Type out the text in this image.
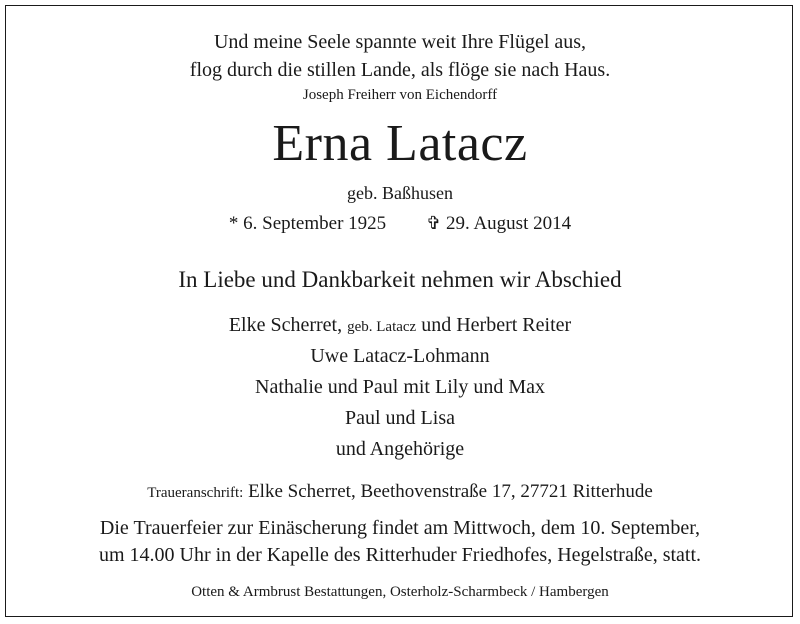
Und meine Seele spannte weit Ihre Flügel aus,
flog durch die stillen Lande, als flöge sie nach Haus.
Joseph Freiherr von Eichendorff
Erna Latacz
geb. Baßhusen
* 6. September 1925 ✞ 29. August 2014
In Liebe und Dankbarkeit nehmen wir Abschied
Elke Scherret, geb. Latacz und Herbert Reiter
Uwe Latacz-Lohmann
Nathalie und Paul mit Lily und Max
Paul und Lisa
und Angehörige
Traueranschrift: Elke Scherret, Beethovenstraße 17, 27721 Ritterhude
Die Trauerfeier zur Einäscherung findet am Mittwoch, dem 10. September,
um 14.00 Uhr in der Kapelle des Ritterhuder Friedhofes, Hegelstraße, statt.
Otten & Armbrust Bestattungen, Osterholz-Scharmbeck / Hambergen
